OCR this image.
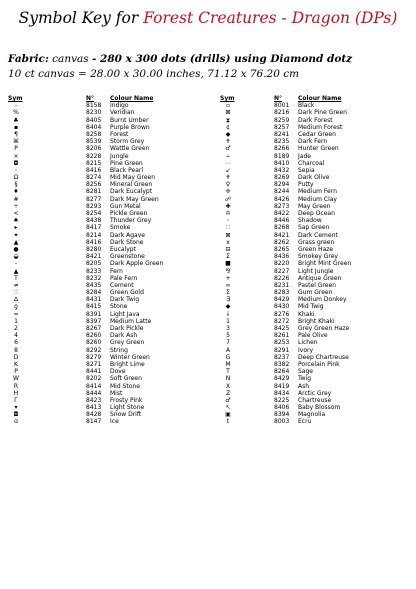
Symbol Key for Forest Creatures - Dragon (DPs)
Fabric: canvas - 280 x 300 dots (drills) using Diamond dotz
10 ct canvas = 28.00 x 30.00 inches, 71.12 x 76.20 cm
Sym	N°	Colour Name
-	8158 Indigo
%	8230 Veridian
♣	8405 Burnt Umber
▪	8404 Purple Brown
¶	8258 Forest
⌘	8539 Storm Grey
P	8206 Wattle Green
×	8228 Jungle
◘	8215 Pine Green
◦	8416 Black Pearl
Ω	8274 Mid May Green
§	8256 Mineral Green
♦	8281 Dark Eucalypt
#	8277 Dark May Green
÷	8293 Gun Metal
<	8254 Pickle Green
♠	8438 Thunder Grey
▸	8417 Smoke
✦	8214 Dark Agave
▲	8416 Dark Stone
●	8280 Eucalypt
◒	8421 Greenstone
-	8205 Dark Apple Green
▲	8233 Fern
T	8232 Pale Fern
≠	8435 Cement
♡	8284 Green Gold
∆	8431 Dark Twig
ƍ	8415 Stone
≈	8391 Light Java
1	8397 Medium Latte
2	8267 Dark Pickle
4	8260 Dark Ash
6	8260 Grey Green
8	8292 String
D	8279 Winter Green
K	8271 Bright Lime
P	8441 Dove
W	8202 Soft Green
R	8414 Mid Stone
H	8444 Mist
Г	8423 Frosty Pink
▾	8413 Light Stone
◘	8428 Snow Drift
ɑ	8147 Ice
Sym	N°	Colour Name
▫	8001 Black
⊠	8216 Dark Pine Green
⧗	8259 Dark Forest
¢	8257 Medium Forest
◆	8241 Cedar Green
✝	8235 Dark Fern
♂	8266 Hunter Green
∸	8189 Jade
⋯	8410 Charcoal
↙	8432 Sepia
✝	8269 Dark Olive
♀	8294 Putty
✢	8244 Medium Fern
☍	8426 Medium Clay
✚	8273 May Green
♔	8422 Deep Ocean
◦	8446 Shadow
∷	8268 Sap Green
⊠	8421 Dark Cement
x	8262 Grass green
⊟	8265 Green Haze
Σ	8436 Smokey Grey
■	8220 Bright Mint Green
⅋	8227 Light Jungle
+	8226 Antique Green
∞	8231 Pastel Green
Σ	8283 Gum Green
∃	8429 Medium Donkey
◆	8430 Mid Twig
ɨ	8276 Khaki
1	8272 Bright Khaki
3	8425 Grey Green Haze
5	8261 Pale Olive
7	8253 Lichen
A	8291 Ivory
G	8237 Deep Chartreuse
M	8382 Porcelain Pink
T	8264 Sage
N	8429 Twig
X	8419 Ash
Z	8434 Arctic Grey
♂	8225 Chartreuse
↖	8406 Baby Blossom
▣	8394 Magnolia
t	8003 Ecru
